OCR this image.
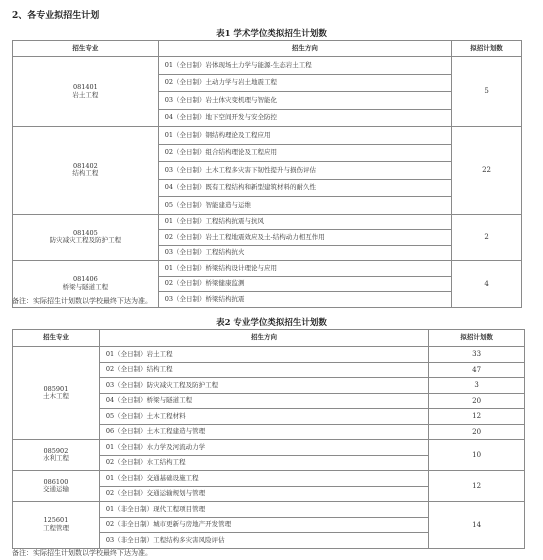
2、各专业拟招生计划
表1 学术学位类拟招生计划数
招生专业	招生方向	拟招计划数

081401
岩土工程	01（全日制）岩体现场土力学与能源-生态岩土工程	5
	02（全日制）土动力学与岩土地震工程	
	03（全日制）岩土体灾变机理与智能化	
	04（全日制）地下空间开发与安全防控	

081402
结构工程	01（全日制）钢结构理论及工程应用	22
	02（全日制）组合结构理论及工程应用	
	03（全日制）土木工程多灾害下韧性提升与损伤评估	
	04（全日制）既有工程结构和新型建筑材料的耐久性	
	05（全日制）智能建造与运维	

081405
防灾减灾工程及防护工程	01（全日制）工程结构抗震与抗风	2
	02（全日制）岩土工程地震效应及土-结构动力相互作用	
	03（全日制）工程结构抗火	

081406
桥梁与隧道工程	01（全日制）桥梁结构设计理论与应用	4
	02（全日制）桥梁健康监测	
	03（全日制）桥梁结构抗震	
备注：实际招生计划数以学校最终下达为准。
表2 专业学位类拟招生计划数
招生专业	招生方向	拟招计划数

085901
土木工程	01（全日制）岩土工程	33
	02（全日制）结构工程	47
	03（全日制）防灾减灾工程及防护工程	3
	04（全日制）桥梁与隧道工程	20
	05（全日制）土木工程材料	12
	06（全日制）土木工程建造与管理	20

085902
水利工程	01（全日制）水力学及河流动力学	10
	02（全日制）水工结构工程	

086100
交通运输	01（全日制）交通基础设施工程	12
	02（全日制）交通运输规划与管理	

125601
工程管理	01（非全日制）现代工程项目管理	14
	02（非全日制）城市更新与房地产开发管理	
	03（非全日制）工程结构多灾害风险评估	
备注：实际招生计划数以学校最终下达为准。
